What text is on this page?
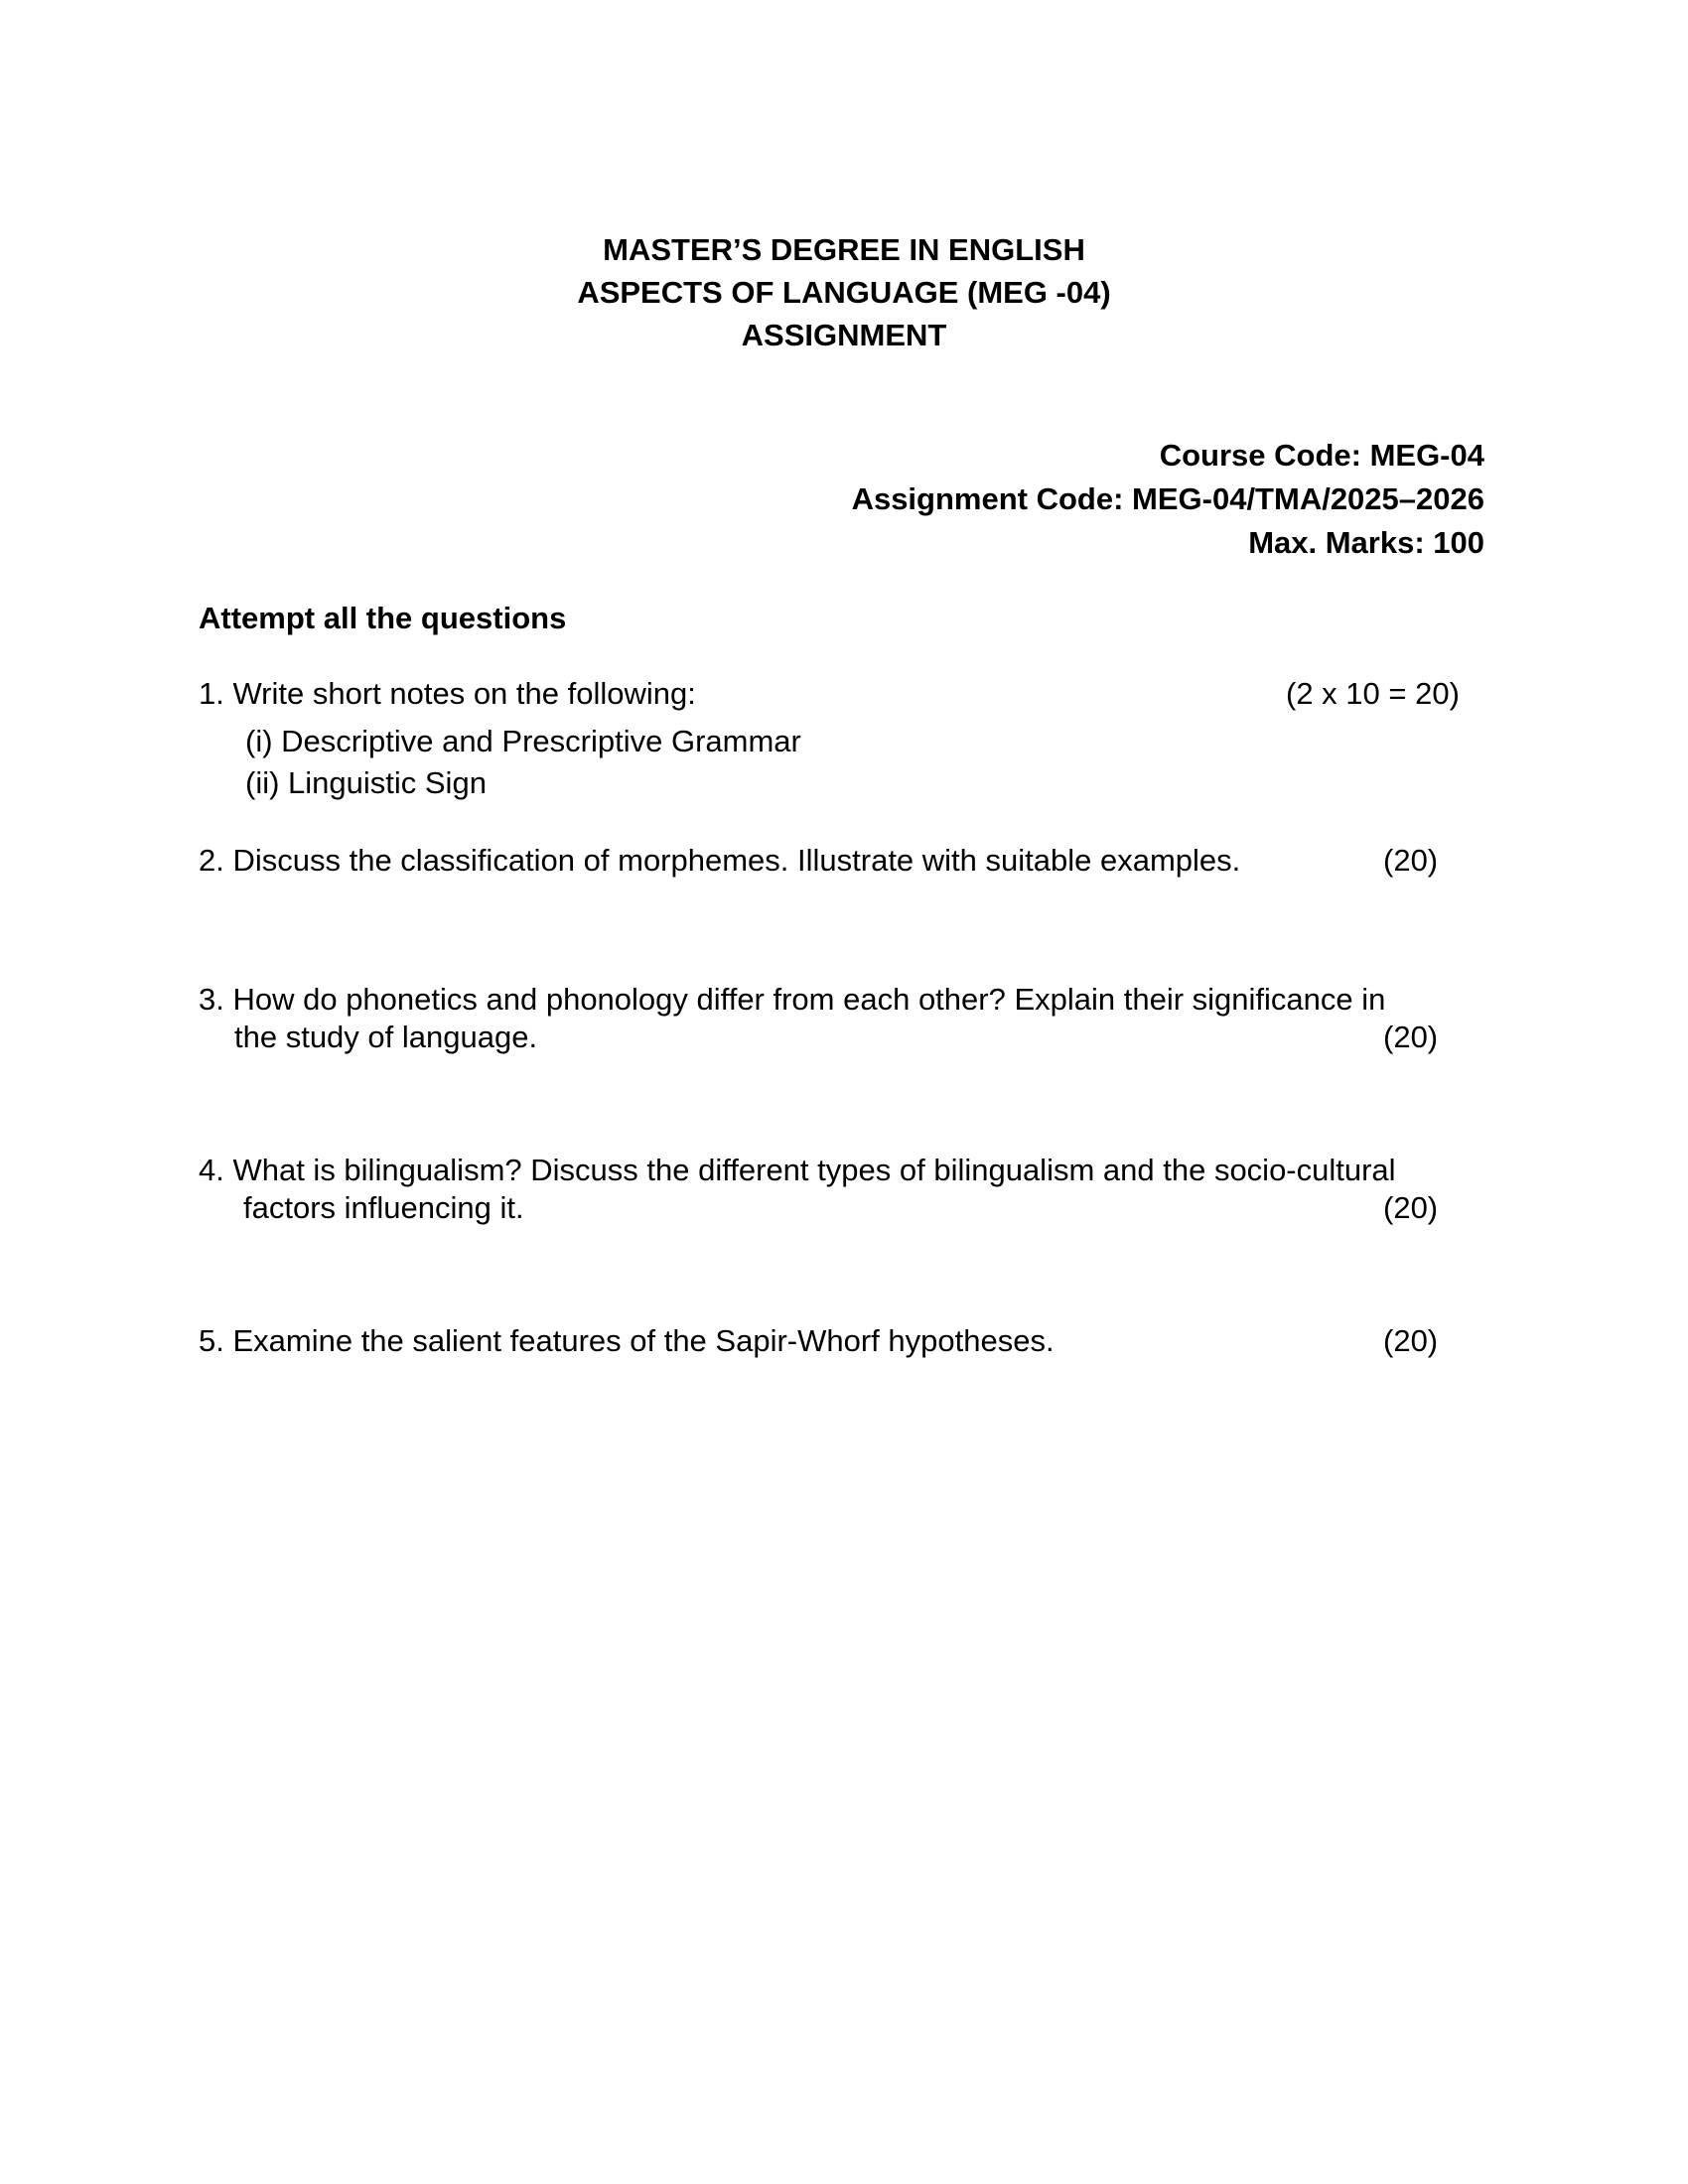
MASTER’S DEGREE IN ENGLISH
ASPECTS OF LANGUAGE (MEG -04)
ASSIGNMENT
Course Code: MEG-04
Assignment Code: MEG-04/TMA/2025–2026
Max. Marks: 100
Attempt all the questions
1. Write short notes on the following:	(2 x 10 = 20)
(i) Descriptive and Prescriptive Grammar
(ii) Linguistic Sign
2. Discuss the classification of morphemes. Illustrate with suitable examples.	(20)
3. How do phonetics and phonology differ from each other? Explain their significance in
the study of language.	(20)
4. What is bilingualism? Discuss the different types of bilingualism and the socio-cultural
factors influencing it.	(20)
5. Examine the salient features of the Sapir-Whorf hypotheses.	(20)
